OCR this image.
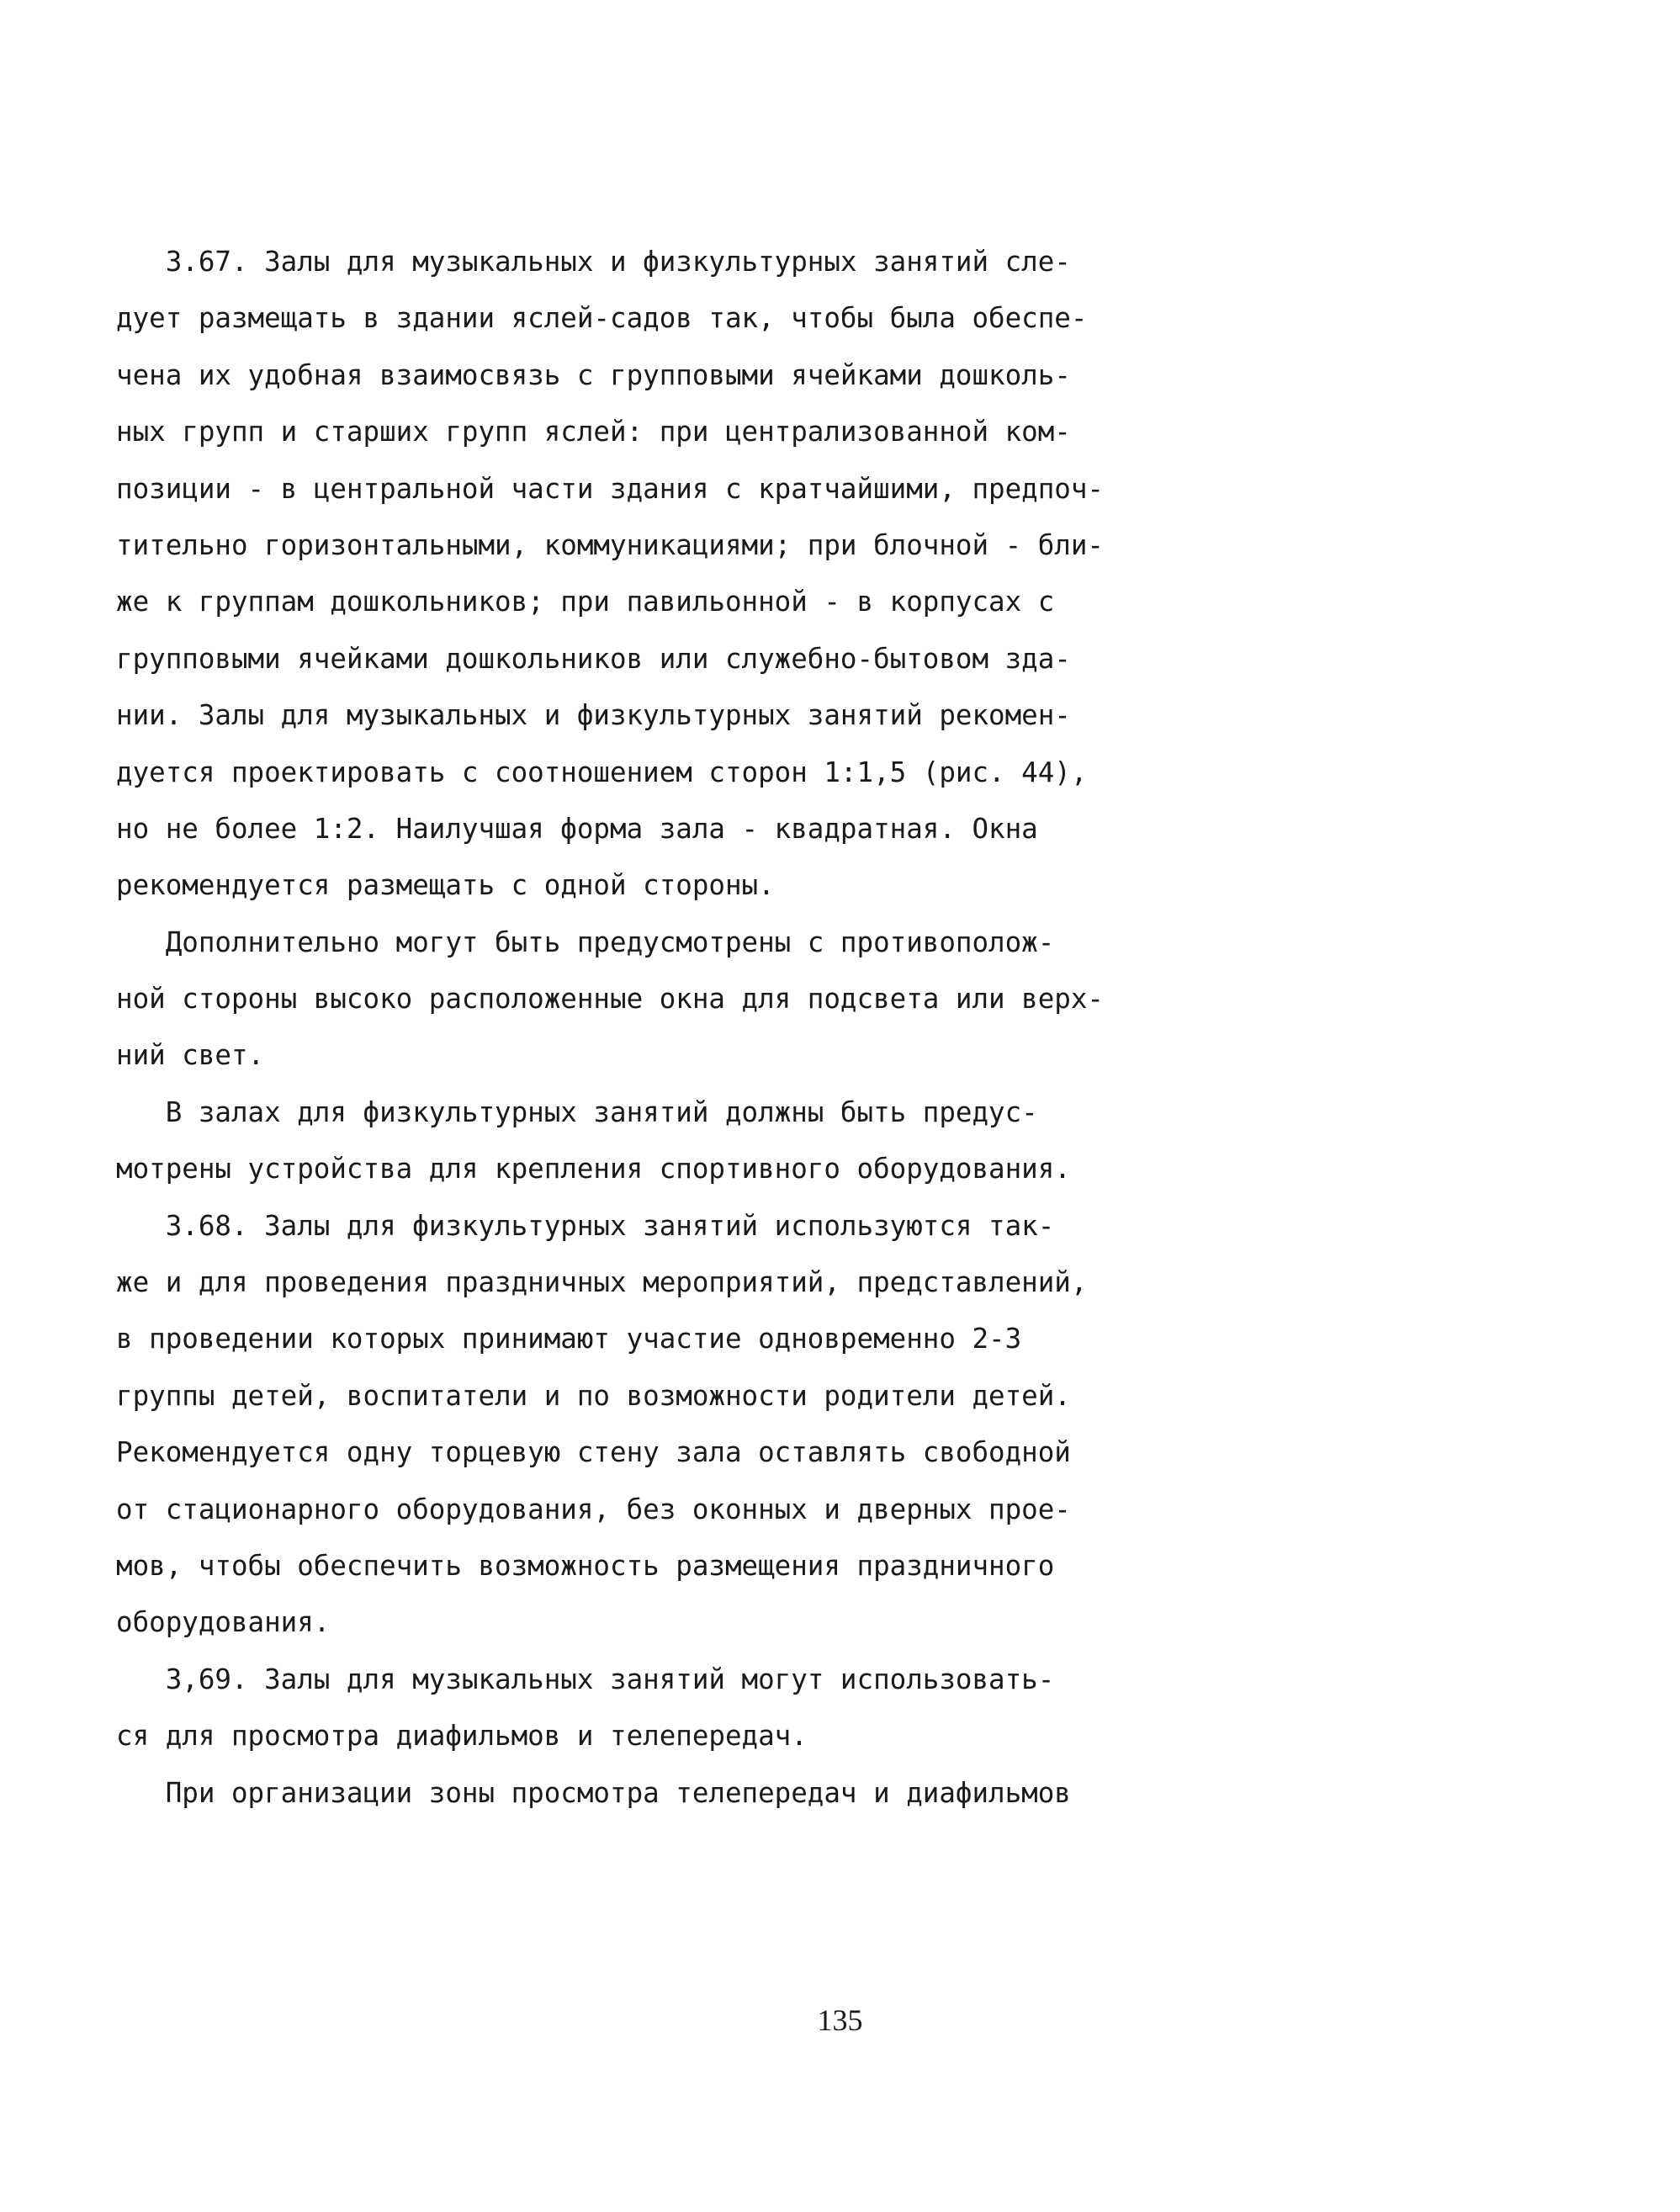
3.67. Залы для музыкальных и физкультурных занятий сле-
дует размещать в здании яслей-садов так, чтобы была обеспе-
чена их удобная взаимосвязь с групповыми ячейками дошколь-
ных групп и старших групп яслей: при централизованной ком-
позиции - в центральной части здания с кратчайшими, предпоч-
тительно горизонтальными, коммуникациями; при блочной - бли-
же к группам дошкольников; при павильонной - в корпусах с
групповыми ячейками дошкольников или служебно-бытовом зда-
нии. Залы для музыкальных и физкультурных занятий рекомен-
дуется проектировать с соотношением сторон 1:1,5 (рис. 44),
но не более 1:2. Наилучшая форма зала - квадратная. Окна
рекомендуется размещать с одной стороны.
Дополнительно могут быть предусмотрены с противополож-
ной стороны высоко расположенные окна для подсвета или верх-
ний свет.
В залах для физкультурных занятий должны быть предус-
мотрены устройства для крепления спортивного оборудования.
3.68. Залы для физкультурных занятий используются так-
же и для проведения праздничных мероприятий, представлений,
в проведении которых принимают участие одновременно 2-3
группы детей, воспитатели и по возможности родители детей.
Рекомендуется одну торцевую стену зала оставлять свободной
от стационарного оборудования, без оконных и дверных прое-
мов, чтобы обеспечить возможность размещения праздничного
оборудования.
3,69. Залы для музыкальных занятий могут использовать-
ся для просмотра диафильмов и телепередач.
При организации зоны просмотра телепередач и диафильмов
135
